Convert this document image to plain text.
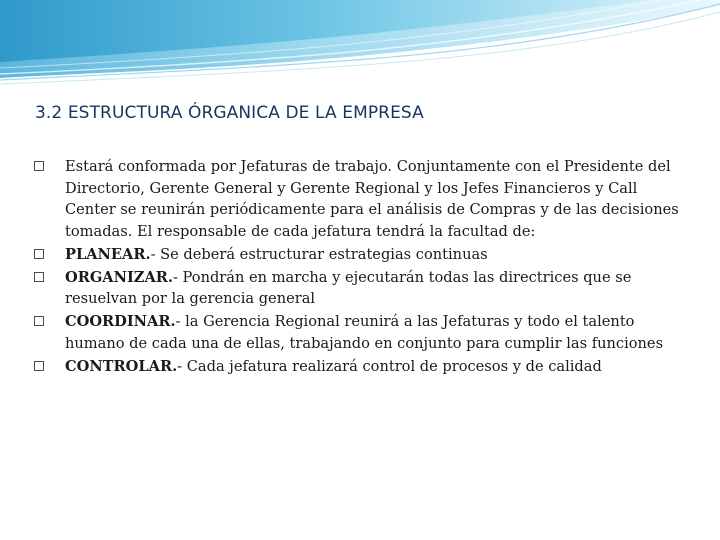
3.2 ESTRUCTURA ÓRGANICA DE LA EMPRESA
Estará conformada por Jefaturas de trabajo. Conjuntamente con el Presidente del Directorio, Gerente General y Gerente Regional y los Jefes Financieros y Call Center se reunirán periódicamente para el análisis de Compras y de las decisiones tomadas. El responsable de cada jefatura tendrá la facultad de:
PLANEAR.- Se deberá estructurar estrategias continuas
ORGANIZAR.- Pondrán en marcha y ejecutarán todas las directrices que se resuelvan por la gerencia general
COORDINAR.- la Gerencia Regional reunirá a las Jefaturas y todo el talento humano de cada una de ellas, trabajando en conjunto para cumplir las funciones
CONTROLAR.- Cada jefatura realizará control de procesos y de calidad
